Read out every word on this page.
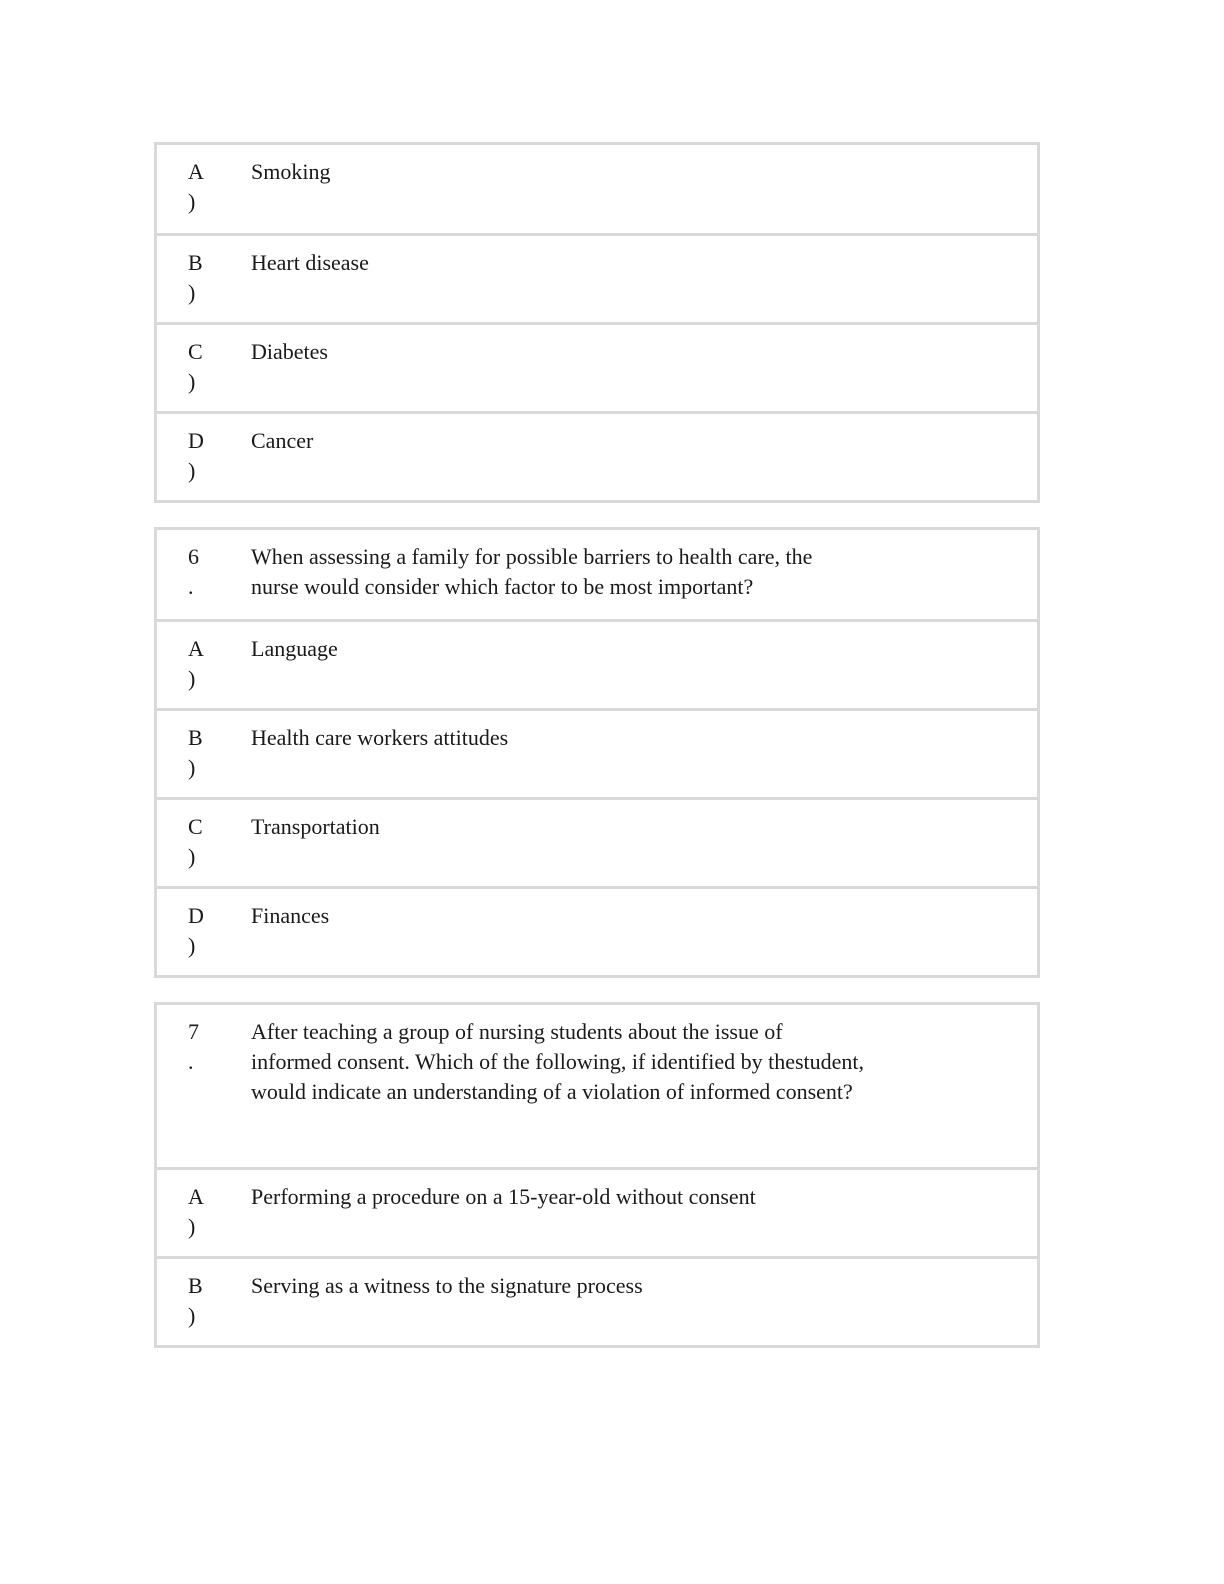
A
)
Smoking
B
)
Heart disease
C
)
Diabetes
D
)
Cancer
6
.
When assessing a family for possible barriers to health care, the
nurse would consider which factor to be most important?
A
)
Language
B
)
Health care workers attitudes
C
)
Transportation
D
)
Finances
7
.
After teaching a group of nursing students about the issue of
informed consent. Which of the following, if identified by thestudent,
would indicate an understanding of a violation of informed consent?
A
)
Performing a procedure on a 15-year-old without consent
B
)
Serving as a witness to the signature process
